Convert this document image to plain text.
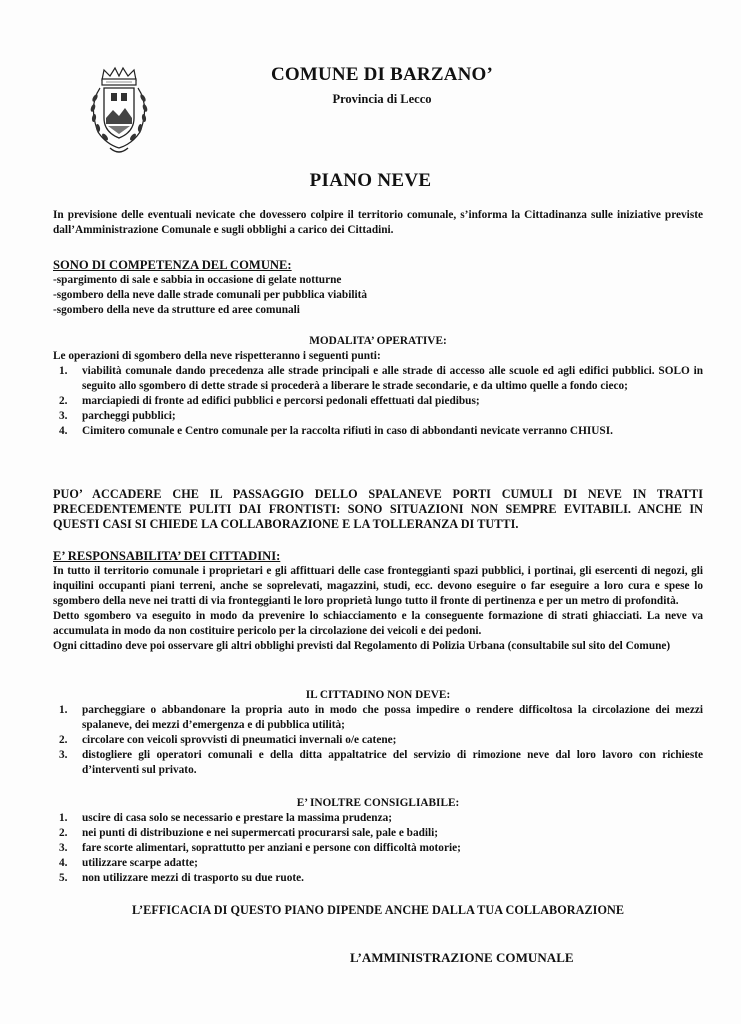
COMUNE DI BARZANO’
Provincia di Lecco
PIANO NEVE
In previsione delle eventuali nevicate che dovessero colpire il territorio comunale, s’informa la Cittadinanza sulle iniziative previste dall’Amministrazione Comunale e sugli obblighi a carico dei Cittadini.
SONO DI COMPETENZA DEL COMUNE:
-spargimento di sale e sabbia in occasione di gelate notturne
-sgombero della neve dalle strade comunali per pubblica viabilità
-sgombero della neve da strutture ed aree comunali
MODALITA’ OPERATIVE:
Le operazioni di sgombero della neve rispetteranno i seguenti punti:
1. viabilità comunale dando precedenza alle strade principali e alle strade di accesso alle scuole ed agli edifici pubblici. SOLO in seguito allo sgombero di dette strade si procederà a liberare le strade secondarie, e da ultimo quelle a fondo cieco;
2. marciapiedi di fronte ad edifici pubblici e percorsi pedonali effettuati dal piedibus;
3. parcheggi pubblici;
4. Cimitero comunale e Centro comunale per la raccolta rifiuti in caso di abbondanti nevicate verranno CHIUSI.
PUO’ ACCADERE CHE IL PASSAGGIO DELLO SPALANEVE PORTI CUMULI DI NEVE IN TRATTI PRECEDENTEMENTE PULITI DAI FRONTISTI: SONO SITUAZIONI NON SEMPRE EVITABILI. ANCHE IN QUESTI CASI SI CHIEDE LA COLLABORAZIONE E LA TOLLERANZA DI TUTTI.
E’ RESPONSABILITA’ DEI CITTADINI:

In tutto il territorio comunale i proprietari e gli affittuari delle case fronteggianti spazi pubblici, i portinai, gli esercenti di negozi, gli inquilini occupanti piani terreni, anche se soprelevati, magazzini, studi, ecc. devono eseguire o far eseguire a loro cura e spese lo sgombero della neve nei tratti di via fronteggianti le loro proprietà lungo tutto il fronte di pertinenza e per un metro di profondità.

Detto sgombero va eseguito in modo da prevenire lo schiacciamento e la conseguente formazione di strati ghiacciati. La neve va accumulata in modo da non costituire pericolo per la circolazione dei veicoli e dei pedoni.

Ogni cittadino deve poi osservare gli altri obblighi previsti dal Regolamento di Polizia Urbana (consultabile sul sito del Comune)

IL CITTADINO NON DEVE:
1. parcheggiare o abbandonare la propria auto in modo che possa impedire o rendere difficoltosa la circolazione dei mezzi spalaneve, dei mezzi d’emergenza e di pubblica utilità;
2. circolare con veicoli sprovvisti di pneumatici invernali o/e catene;
3. distogliere gli operatori comunali e della ditta appaltatrice del servizio di rimozione neve dal loro lavoro con richieste d’interventi sul privato.
E’ INOLTRE CONSIGLIABILE:
1. uscire di casa solo se necessario e prestare la massima prudenza;
2. nei punti di distribuzione e nei supermercati procurarsi sale, pale e badili;
3. fare scorte alimentari, soprattutto per anziani e persone con difficoltà motorie;
4. utilizzare scarpe adatte;
5. non utilizzare mezzi di trasporto su due ruote.
L’EFFICACIA DI QUESTO PIANO DIPENDE ANCHE DALLA TUA COLLABORAZIONE
L’AMMINISTRAZIONE COMUNALE
